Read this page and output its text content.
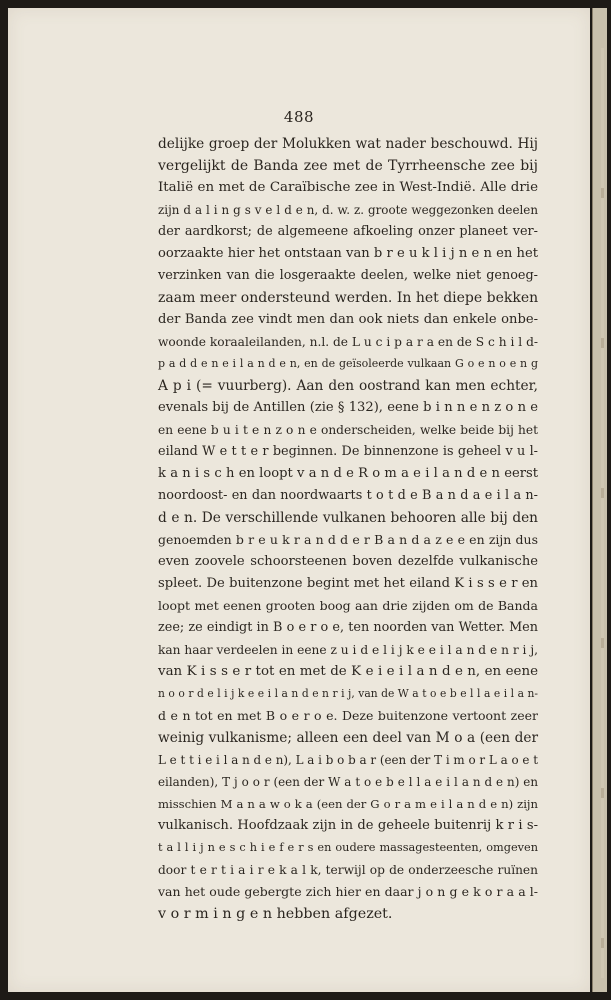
488
delijke groep der Molukken wat nader beschouwd. Hij
vergelijkt de Banda zee met de Tyrrheensche zee bij
Italië en met de Caraïbische zee in West-Indië. Alle drie
zijn d a l i n g s v e l d e n, d. w. z. groote weggezonken deelen
der aardkorst; de algemeene afkoeling onzer planeet ver-
oorzaakte hier het ontstaan van b r e u k l i j n e n en het
verzinken van die losgeraakte deelen, welke niet genoeg-
zaam meer ondersteund werden. In het diepe bekken
der Banda zee vindt men dan ook niets dan enkele onbe-
woonde koraaleilanden, n.l. de L u c i p a r a en de S c h i l d-
p a d d e n e i l a n d e n, en de geïsoleerde vulkaan G o e n o e n g
A p i (= vuurberg). Aan den oostrand kan men echter,
evenals bij de Antillen (zie § 132), eene b i n n e n z o n e
en eene b u i t e n z o n e onderscheiden, welke beide bij het
eiland W e t t e r beginnen. De binnenzone is geheel v u l-
k a n i s c h en loopt v a n d e R o m a e i l a n d e n eerst
noordoost- en dan noordwaarts t o t d e B a n d a e i l a n-
d e n. De verschillende vulkanen behooren alle bij den
genoemden b r e u k r a n d d e r B a n d a z e e en zijn dus
even zoovele schoorsteenen boven dezelfde vulkanische
spleet. De buitenzone begint met het eiland K i s s e r en
loopt met eenen grooten boog aan drie zijden om de Banda
zee; ze eindigt in B o e r o e, ten noorden van Wetter. Men
kan haar verdeelen in eene z u i d e l i j k e e i l a n d e n r i j,
van K i s s e r tot en met de K e i e i l a n d e n, en eene
n o o r d e l i j k e e i l a n d e n r i j, van de W a t o e b e l l a e i l a n-
d e n tot en met B o e r o e. Deze buitenzone vertoont zeer
weinig vulkanisme; alleen een deel van M o a (een der
L e t t i e i l a n d e n), L a i b o b a r (een der T i m o r L a o e t
eilanden), T j o o r (een der W a t o e b e l l a e i l a n d e n) en
misschien M a n a w o k a (een der G o r a m e i l a n d e n) zijn
vulkanisch. Hoofdzaak zijn in de geheele buitenrij k r i s-
t a l l i j n e s c h i e f e r s en oudere massagesteenten, omgeven
door t e r t i a i r e k a l k, terwijl op de onderzeesche ruïnen
van het oude gebergte zich hier en daar j o n g e k o r a a l-
v o r m i n g e n hebben afgezet.
